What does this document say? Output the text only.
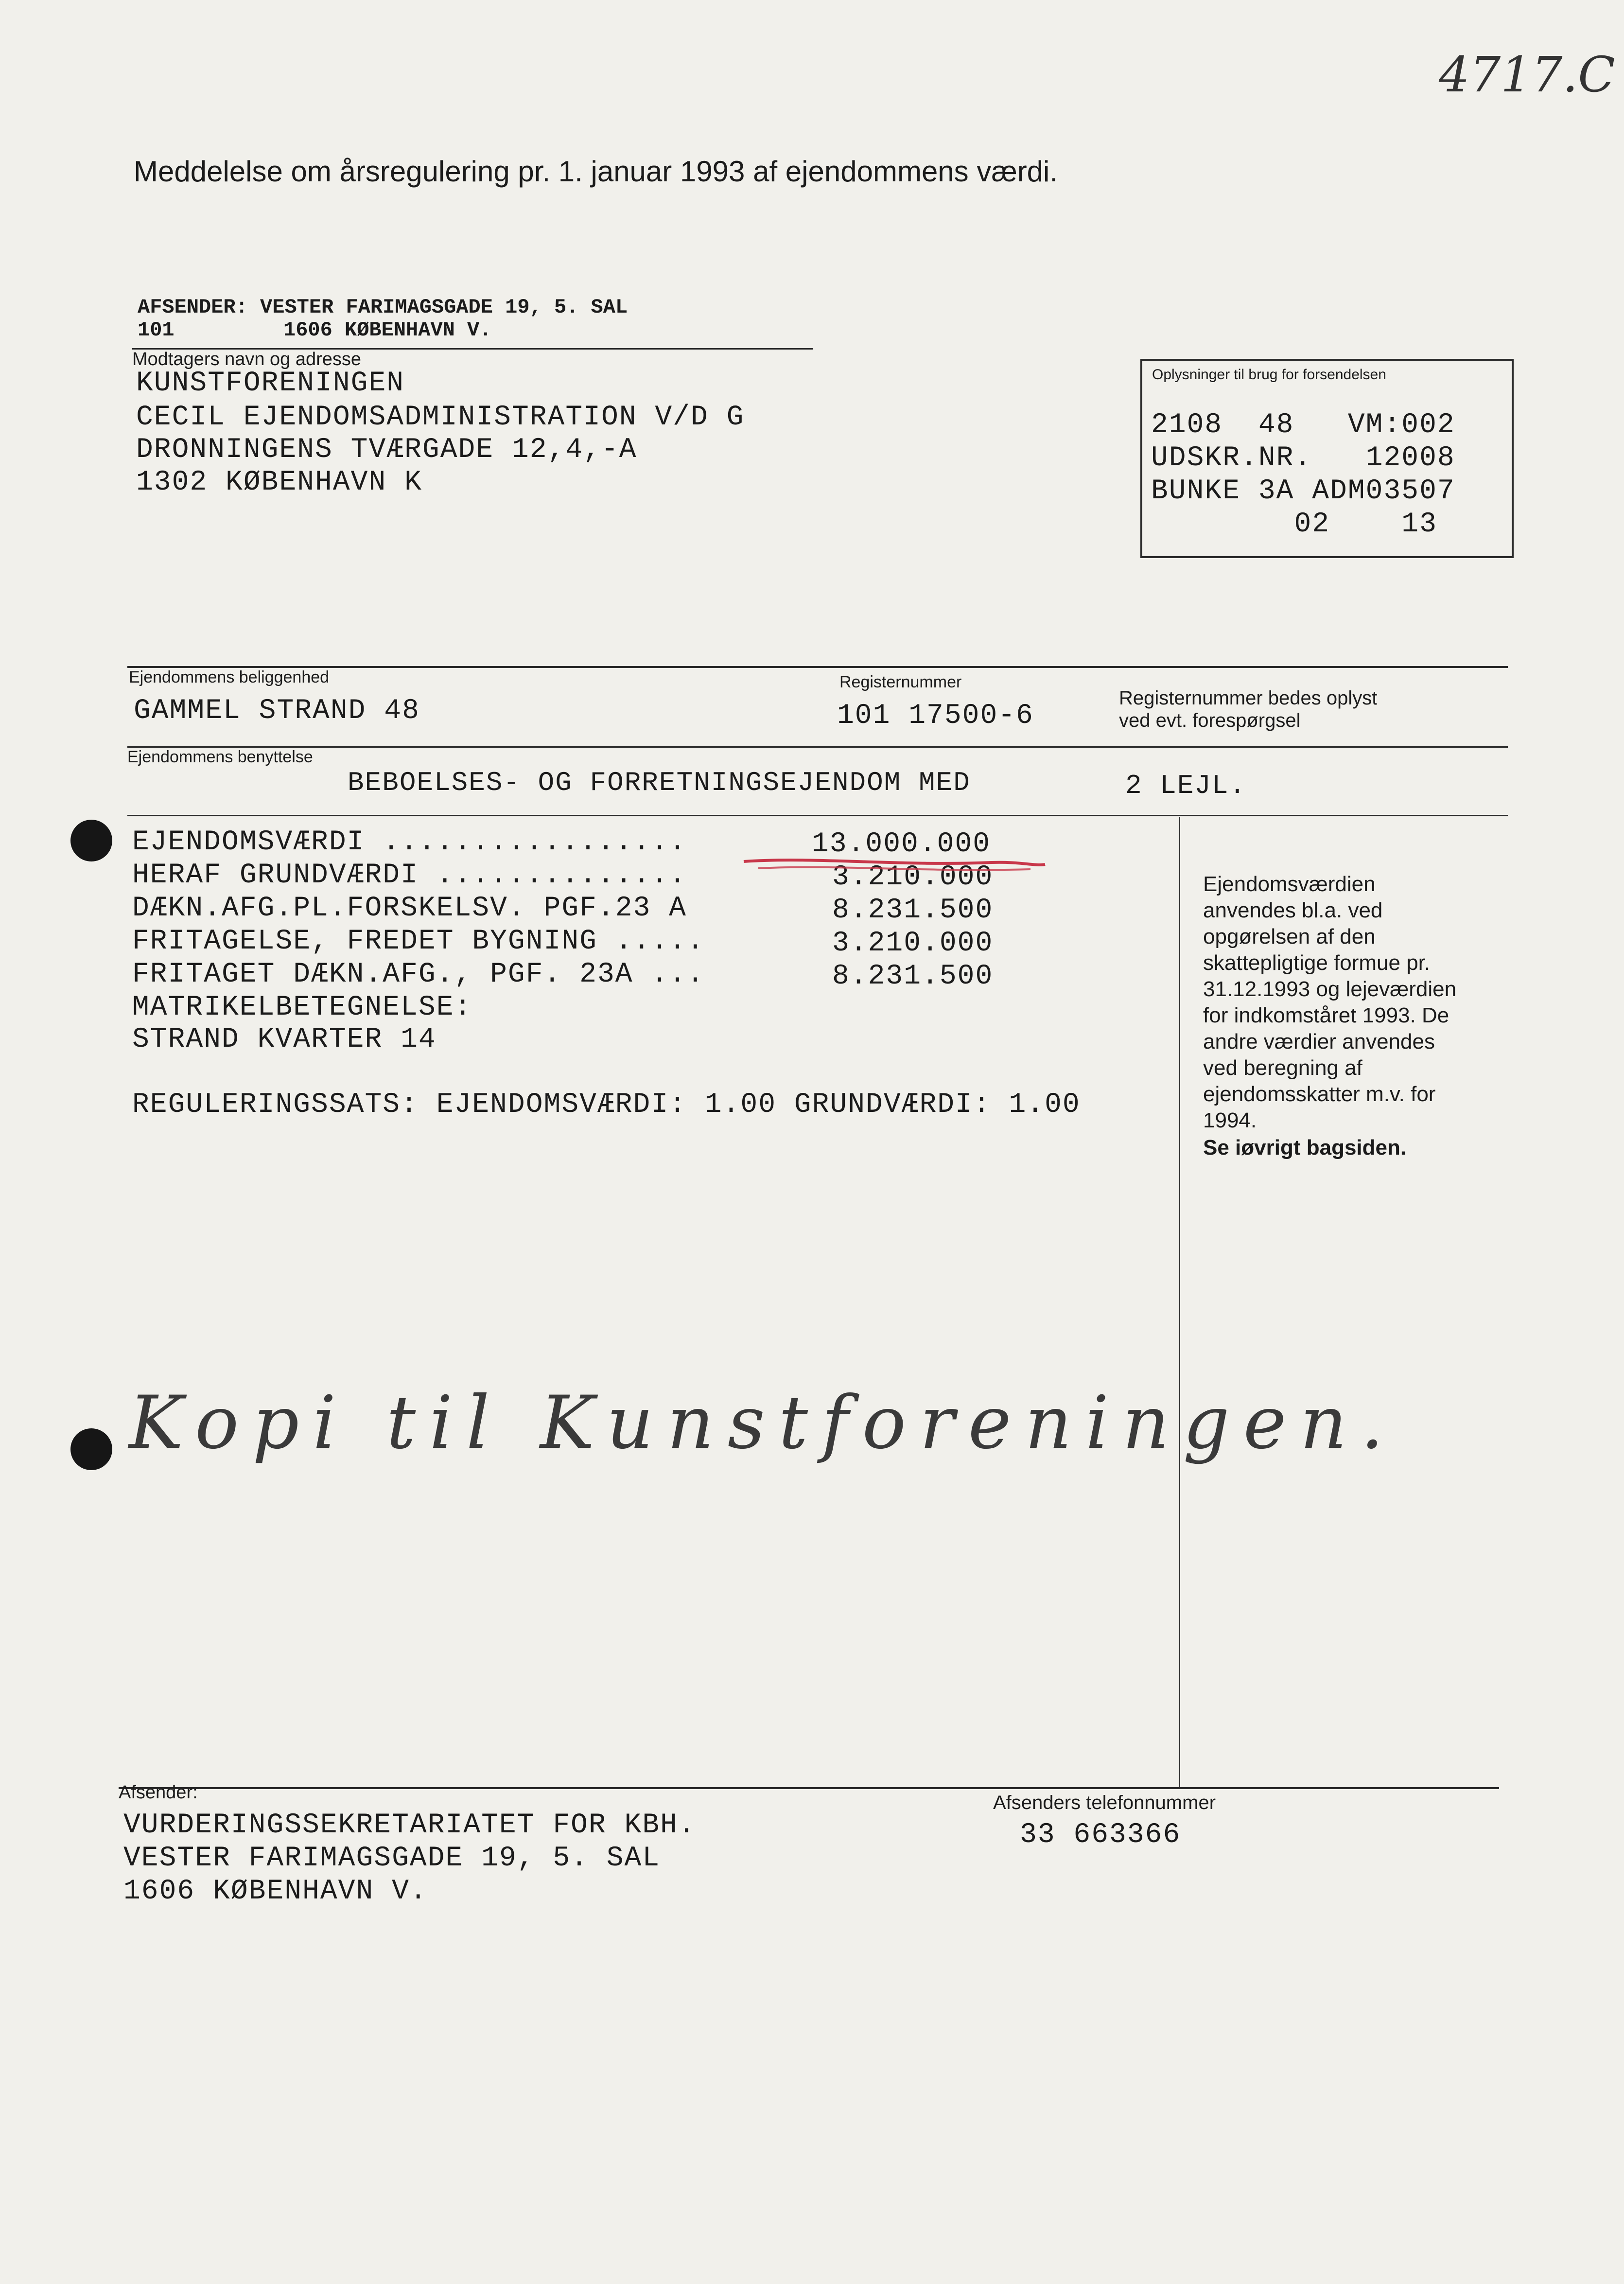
4717.C
Meddelelse om årsregulering pr. 1. januar 1993 af ejendommens værdi.
AFSENDER: VESTER FARIMAGSGADE 19, 5. SAL
101	1606 KØBENHAVN V.
Modtagers navn og adresse
KUNSTFORENINGEN
CECIL EJENDOMSADMINISTRATION V/D G
DRONNINGENS TVÆRGADE 12,4,-A
1302 KØBENHAVN K
Oplysninger til brug for forsendelsen
2108  48   VM:002
UDSKR.NR.   12008
BUNKE 3A ADM03507
02    13
Ejendommens beliggenhed
GAMMEL STRAND 48
Registernummer
101 17500-6
Registernummer bedes oplyst
ved evt. forespørgsel
Ejendommens benyttelse
BEBOELSES- OG FORRETNINGSEJENDOM MED	2 LEJL.
EJENDOMSVÆRDI .................	13.000.000
HERAF GRUNDVÆRDI ..............	3.210.000
DÆKN.AFG.PL.FORSKELSV. PGF.23 A	8.231.500
FRITAGELSE, FREDET BYGNING .....	3.210.000
FRITAGET DÆKN.AFG., PGF. 23A ...	8.231.500
MATRIKELBETEGNELSE:
STRAND KVARTER 14
REGULERINGSSATS: EJENDOMSVÆRDI: 1.00 GRUNDVÆRDI: 1.00
Ejendomsværdien
anvendes bl.a. ved
opgørelsen af den
skattepligtige formue pr.
31.12.1993 og lejeværdien
for indkomståret 1993. De
andre værdier anvendes
ved beregning af
ejendomsskatter m.v. for
1994.
Se iøvrigt bagsiden.
Kopi til Kunstforeningen.
Afsender:
VURDERINGSSEKRETARIATET FOR KBH.
VESTER FARIMAGSGADE 19, 5. SAL
1606 KØBENHAVN V.
Afsenders telefonnummer
33 663366
